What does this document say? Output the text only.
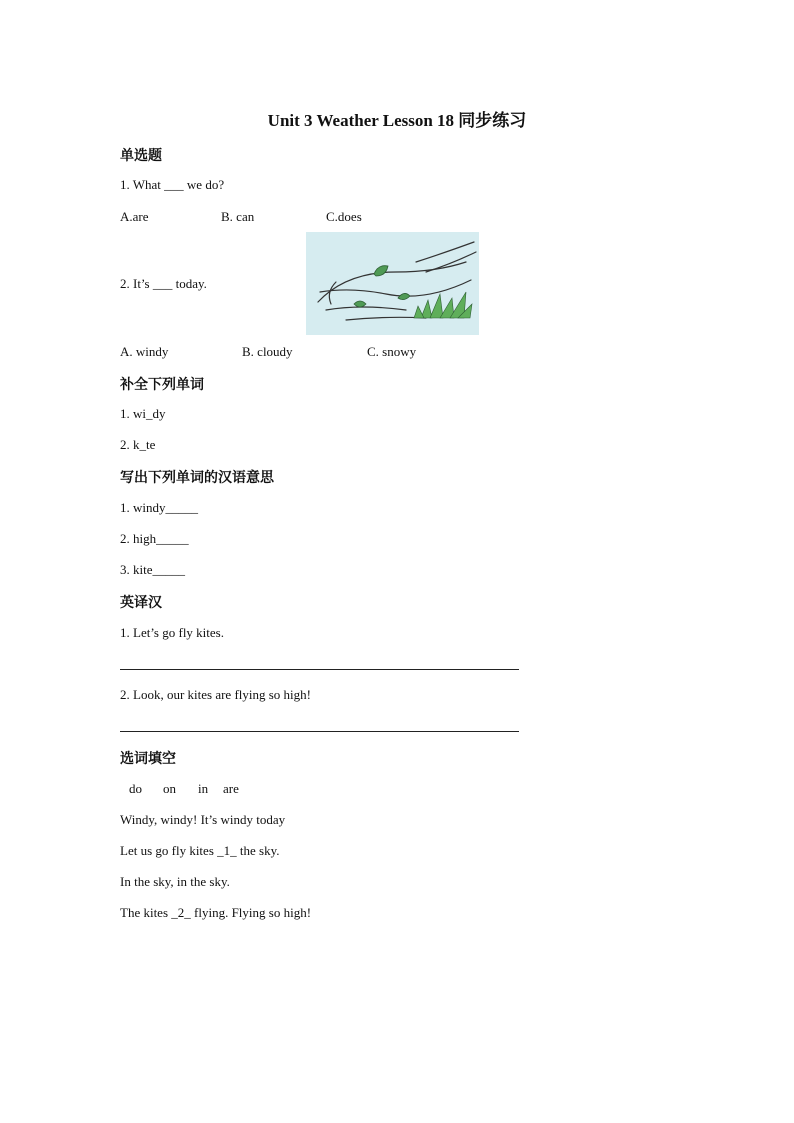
Unit 3 Weather Lesson 18 同步练习
单选题
1. What ___ we do?
A.are	B. can	C.does
2. It’s ___ today.
A. windy	B. cloudy	C. snowy
补全下列单词
1. wi_dy
2. k_te
写出下列单词的汉语意思
1. windy_____
2. high_____
3. kite_____
英译汉
1. Let’s go fly kites.
2. Look, our kites are flying so high!
选词填空
do on in are
Windy, windy! It’s windy today
Let us go fly kites _1_ the sky.
In the sky, in the sky.
The kites _2_ flying. Flying so high!
